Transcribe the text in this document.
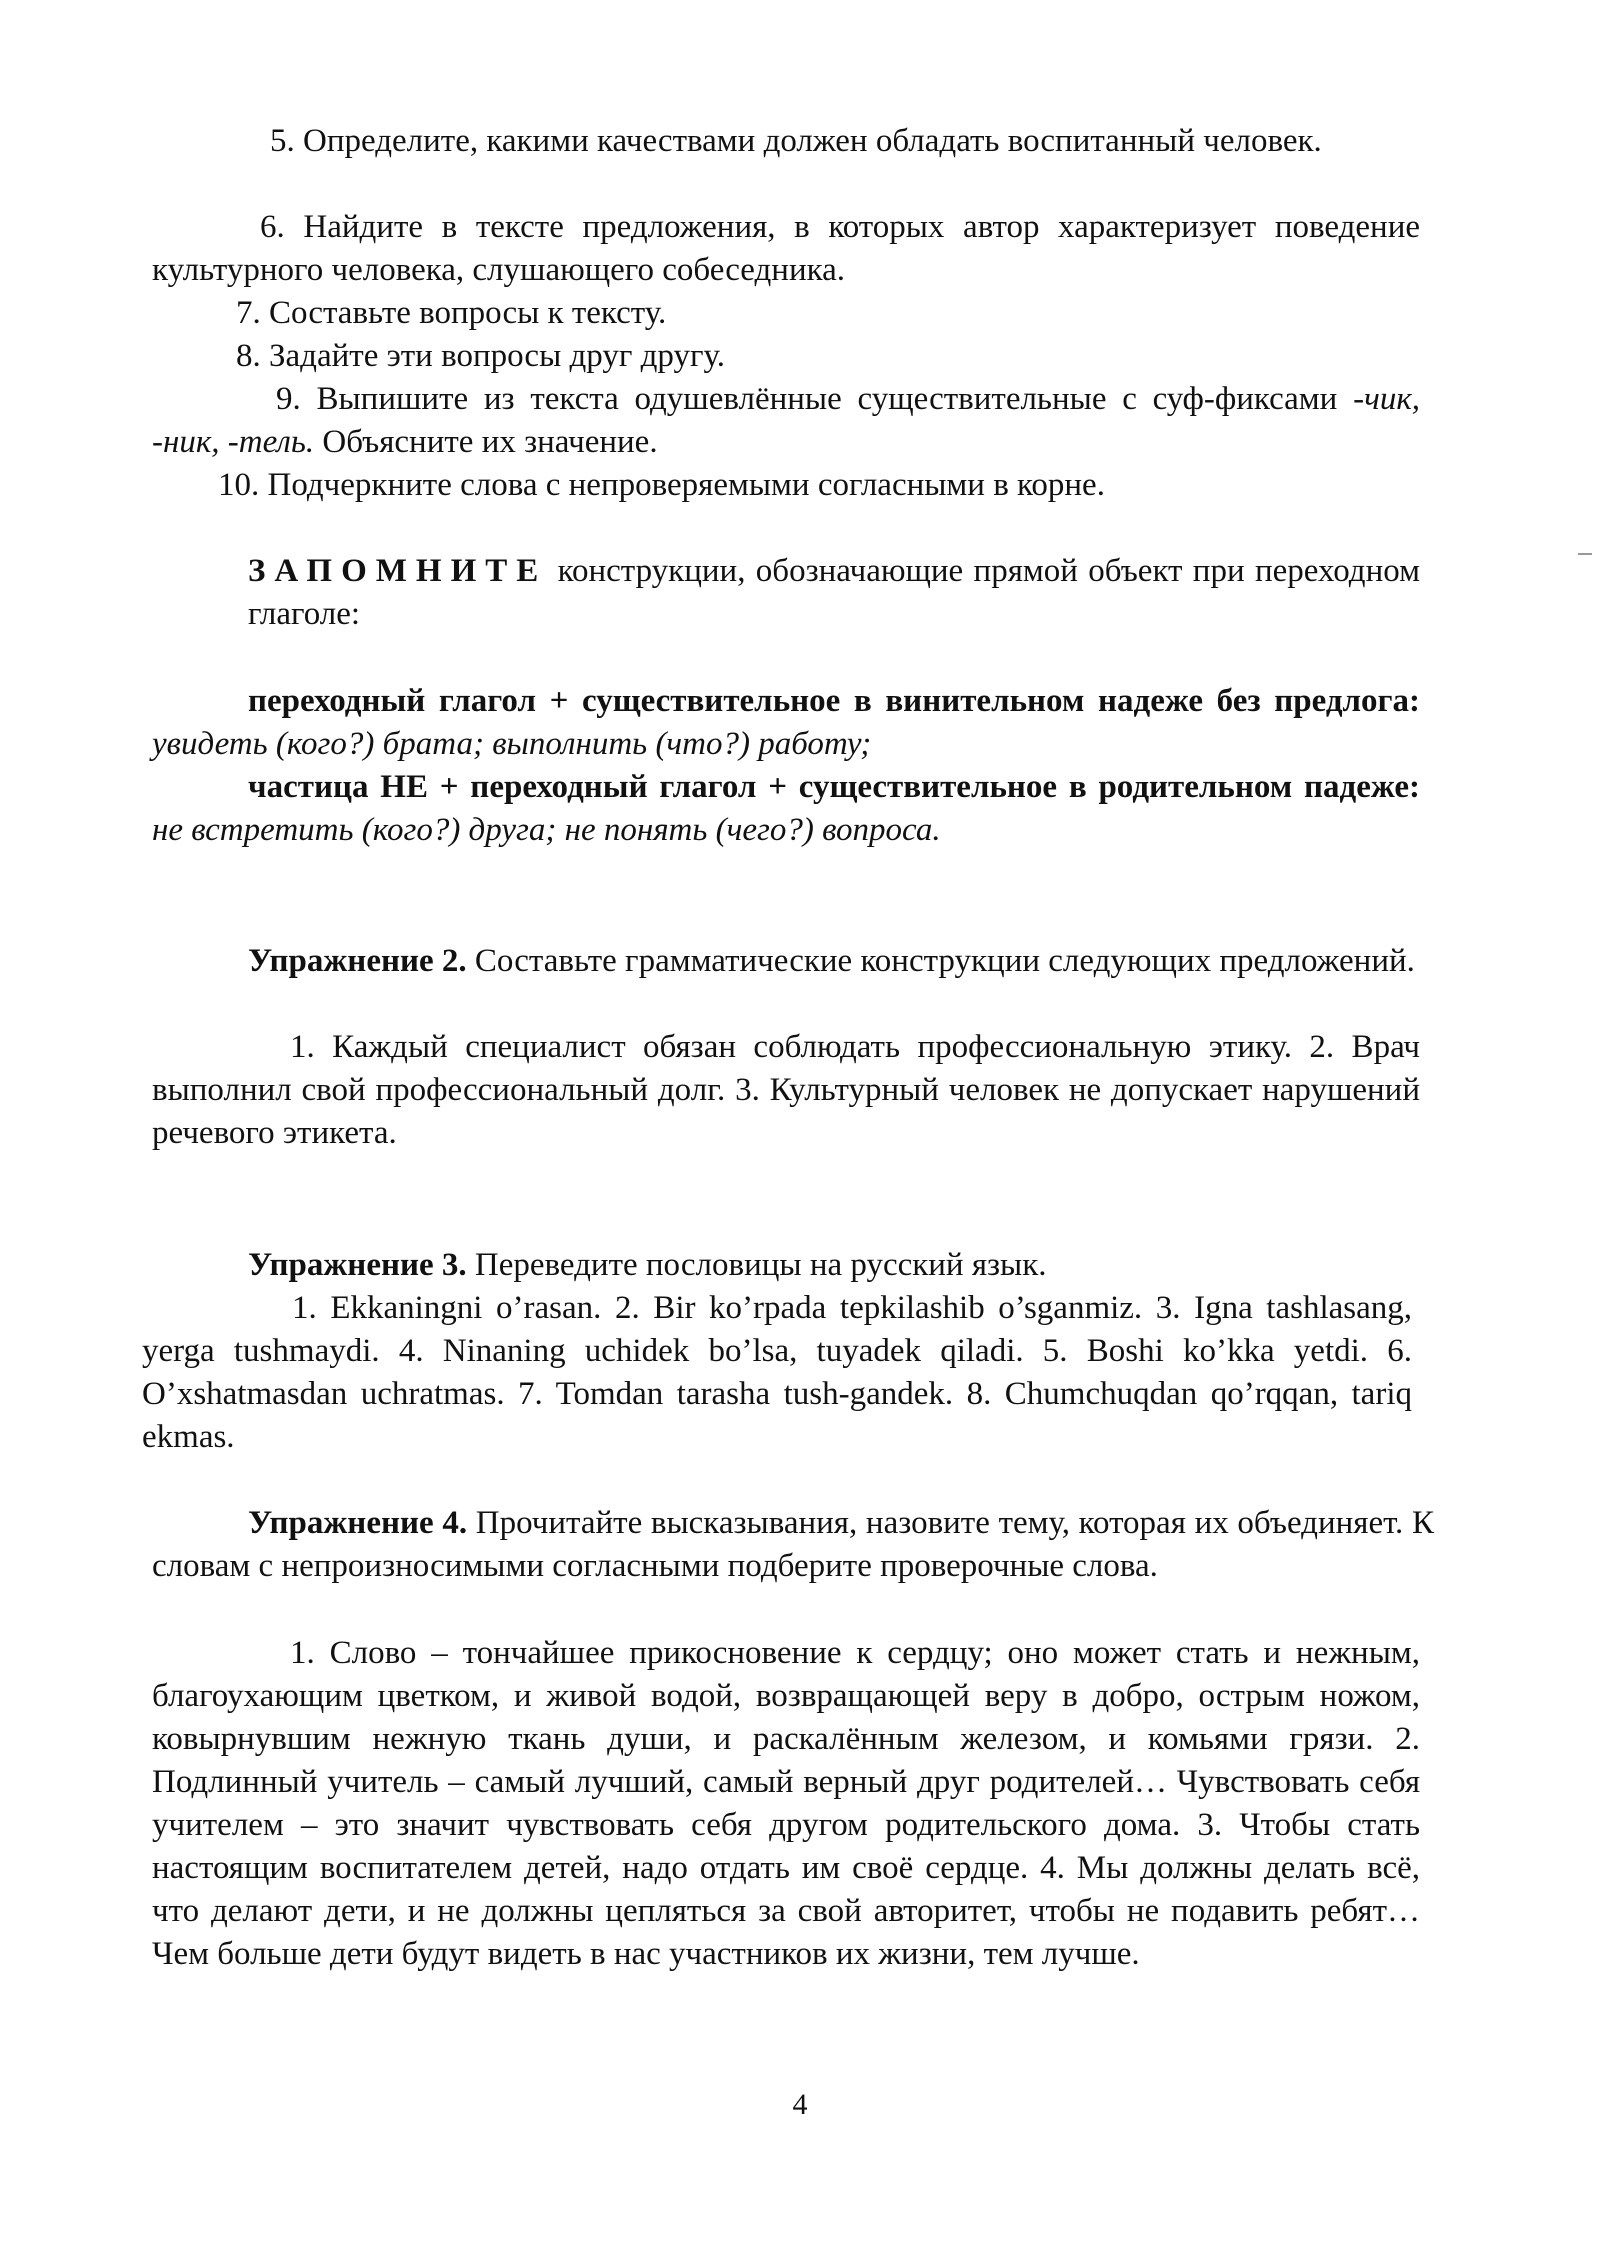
5. Определите, какими качествами должен обладать воспитанный человек.

6. Найдите в тексте предложения, в которых автор характеризует поведение культурного человека, слушающего собеседника.

7. Составьте вопросы к тексту.

8. Задайте эти вопросы друг другу.

9. Выпишите из текста одушевлённые существительные с суф-фиксами -чик, -ник, -тель. Объясните их значение.

10. Подчеркните слова с непроверяемыми согласными в корне.

ЗАПОМНИТЕ конструкции, обозначающие прямой объект при переходном глаголе:

переходный глагол + существительное в винительном надеже без предлога: увидеть (кого?) брата; выполнить (что?) работу;

частица НЕ + переходный глагол + существительное в родительном падеже: не встретить (кого?) друга; не понять (чего?) вопроса.

Упражнение 2. Составьте грамматические конструкции следующих предложений.

1. Каждый специалист обязан соблюдать профессиональную этику. 2. Врач выполнил свой профессиональный долг. 3. Культурный человек не допускает нарушений речевого этикета.

Упражнение 3. Переведите пословицы на русский язык.

1. Ekkaningni o’rasan. 2. Bir ko’rpada tepkilashib o’sganmiz. 3. Igna tashlasang, yerga tushmaydi. 4. Ninaning uchidek bo’lsa, tuyadek qiladi. 5. Boshi ko’kka yetdi. 6. O’xshatmasdan uchratmas. 7. Tomdan tarasha tush-gandek. 8. Chumchuqdan qo’rqqan, tariq ekmas.

Упражнение 4. Прочитайте высказывания, назовите тему, которая их объединяет. К словам с непроизносимыми согласными подберите проверочные слова.

1. Слово – тончайшее прикосновение к сердцу; оно может стать и нежным, благоухающим цветком, и живой водой, возвращающей веру в добро, острым ножом, ковырнувшим нежную ткань души, и раскалённым железом, и комьями грязи. 2. Подлинный учитель – самый лучший, самый верный друг родителей… Чувствовать себя учителем – это значит чувствовать себя другом родительского дома. 3. Чтобы стать настоящим воспитателем детей, надо отдать им своё сердце. 4. Мы должны делать всё, что делают дети, и не должны цепляться за свой авторитет, чтобы не подавить ребят… Чем больше дети будут видеть в нас участников их жизни, тем лучше.

4
